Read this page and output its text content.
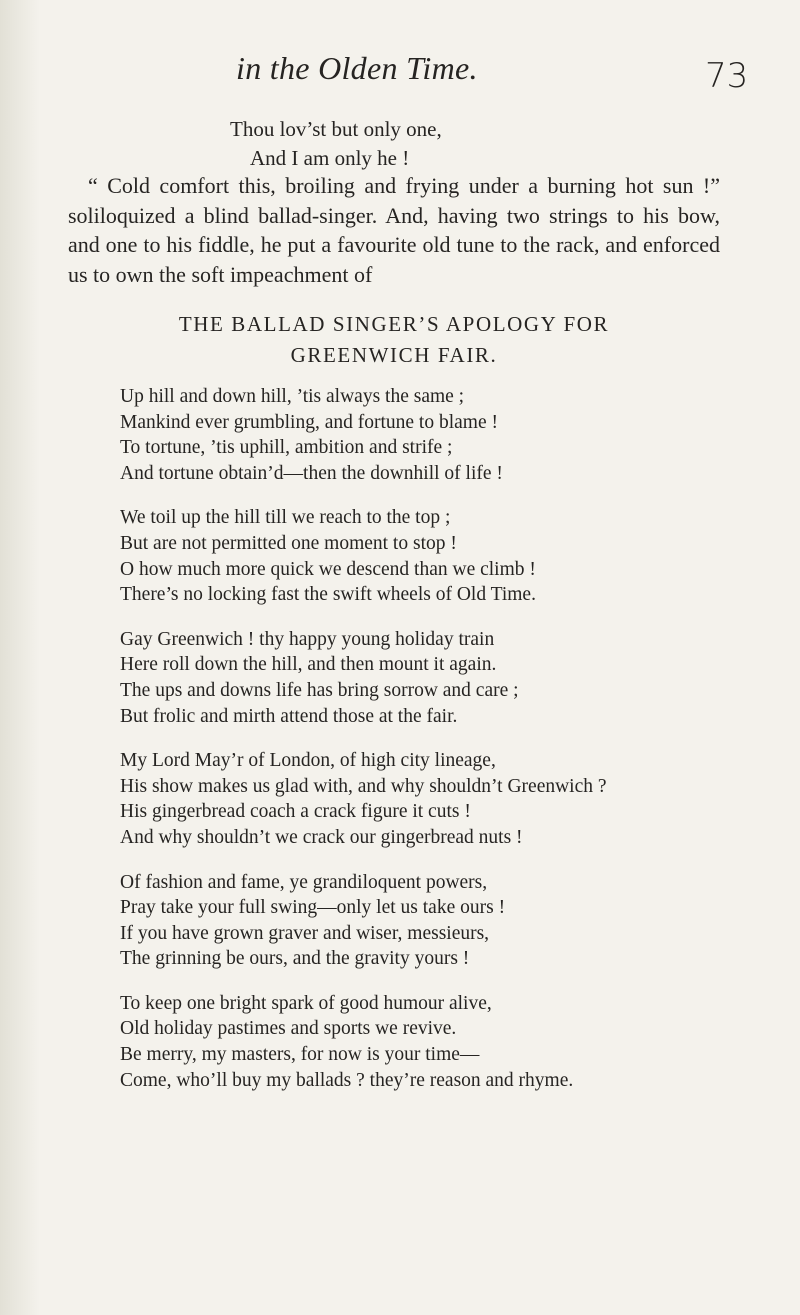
in the Olden Time.	73
Thou lov’st but only one,
And I am only he !

“ Cold comfort this, broiling and frying under a burning hot sun !” soliloquized a blind ballad-singer. And, having two strings to his bow, and one to his fiddle, he put a favourite old tune to the rack, and enforced us to own the soft impeachment of

THE BALLAD SINGER’S APOLOGY FOR
GREENWICH FAIR.
Up hill and down hill, ’tis always the same ;
Mankind ever grumbling, and fortune to blame !
To tortune, ’tis uphill, ambition and strife ;
And tortune obtain’d—then the downhill of life !
We toil up the hill till we reach to the top ;
But are not permitted one moment to stop !
O how much more quick we descend than we climb !
There’s no locking fast the swift wheels of Old Time.
Gay Greenwich ! thy happy young holiday train
Here roll down the hill, and then mount it again.
The ups and downs life has bring sorrow and care ;
But frolic and mirth attend those at the fair.
My Lord May’r of London, of high city lineage,
His show makes us glad with, and why shouldn’t Greenwich ?
His gingerbread coach a crack figure it cuts !
And why shouldn’t we crack our gingerbread nuts !
Of fashion and fame, ye grandiloquent powers,
Pray take your full swing—only let us take ours !
If you have grown graver and wiser, messieurs,
The grinning be ours, and the gravity yours !
To keep one bright spark of good humour alive,
Old holiday pastimes and sports we revive.
Be merry, my masters, for now is your time—
Come, who’ll buy my ballads ? they’re reason and rhyme.
